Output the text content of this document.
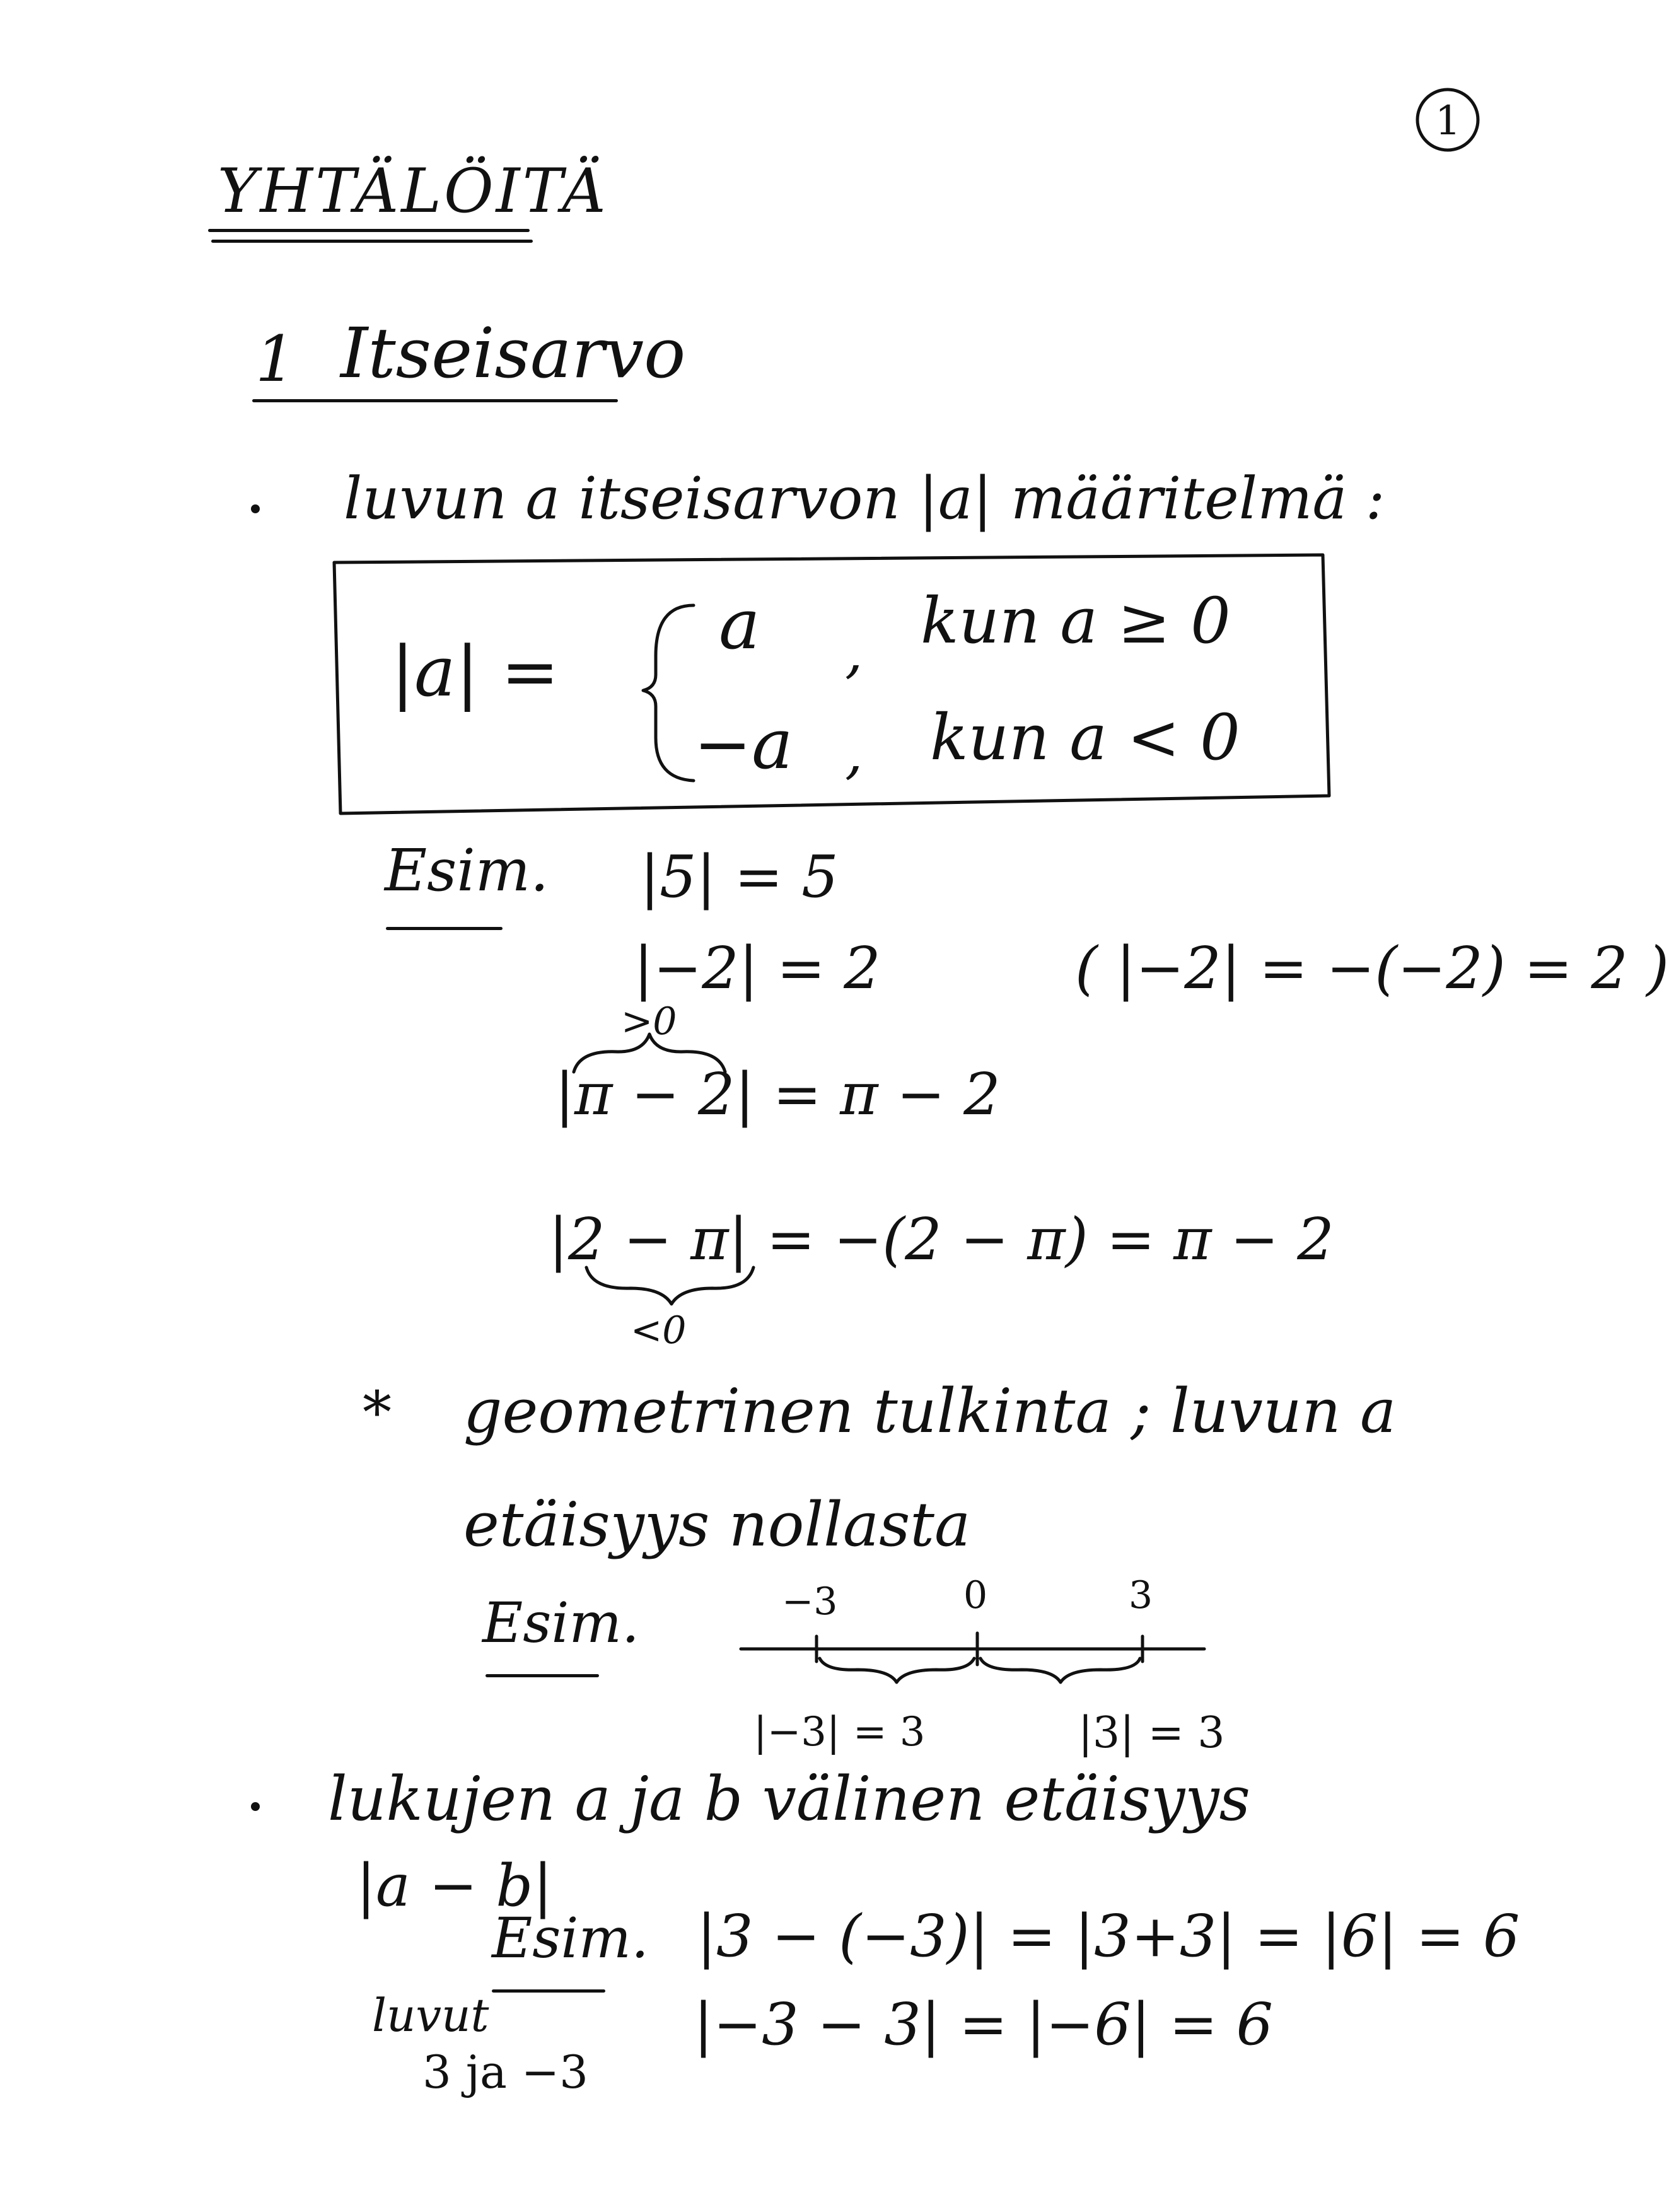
1
YHTÄLÖITÄ
1 Itseisarvo
luvun a itseisarvon |a| määritelmä :
|a| =
a , kun a ≥ 0
−a , kun a < 0
Esim. |5| = 5
|−2| = 2	( |−2| = −(−2) = 2 )
>0
|π − 2| = π − 2
|2 − π| = −(2 − π) = π − 2
<0
* geometrinen tulkinta ; luvun a
etäisyys nollasta
Esim.	−3	0	3
|−3| = 3	|3| = 3
lukujen a ja b välinen etäisyys
|a − b|
Esim. |3 − (−3)| = |3+3| = |6| = 6
|−3 − 3| = |−6| = 6
luvut
3 ja −3
